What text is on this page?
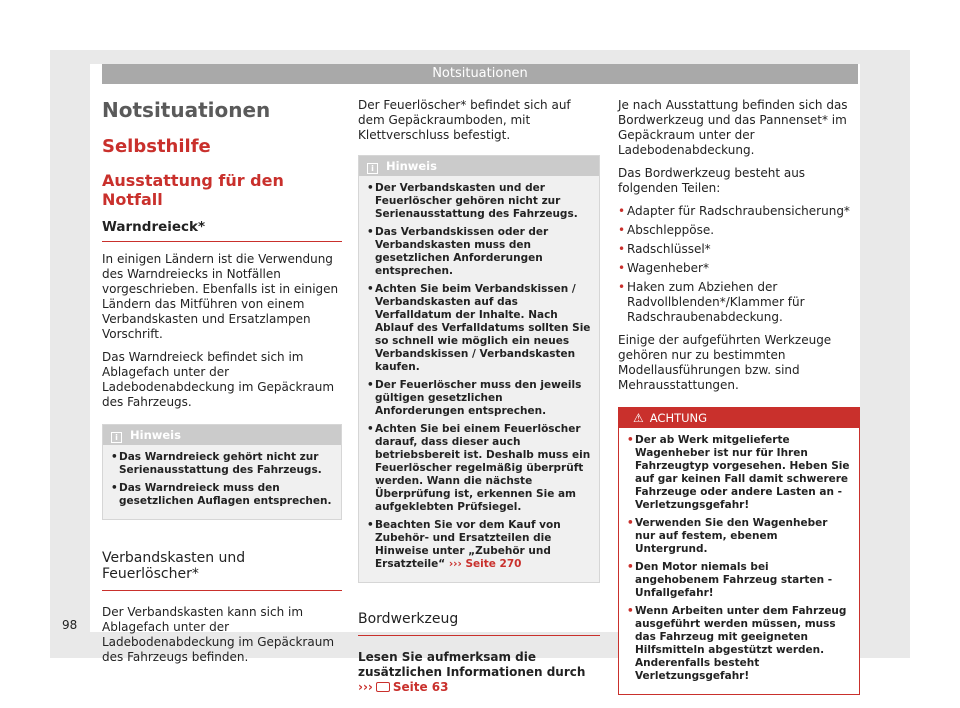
Notsituationen
Notsituationen
Selbsthilfe
Ausstattung für den Notfall
Warndreieck*

In einigen Ländern ist die Verwendung des Warndreiecks in Notfällen vorgeschrieben. Ebenfalls ist in einigen Ländern das Mitführen von einem Verbandskasten und Ersatzlampen Vorschrift.

Das Warndreieck befindet sich im Ablagefach unter der Ladebodenabdeckung im Gepäckraum des Fahrzeugs.

i Hinweis
•Das Warndreieck gehört nicht zur Serienausstattung des Fahrzeugs.
•Das Warndreieck muss den gesetzlichen Auflagen entsprechen.
Verbandskasten und Feuerlöscher*

Der Verbandskasten kann sich im Ablagefach unter der Ladebodenabdeckung im Gepäckraum des Fahrzeugs befinden.

Der Feuerlöscher* befindet sich auf dem Gepäckraumboden, mit Klettverschluss befestigt.

i Hinweis
•Der Verbandskasten und der Feuerlöscher gehören nicht zur Serienausstattung des Fahrzeugs.
•Das Verbandskissen oder der Verbandskasten muss den gesetzlichen Anforderungen entsprechen.
•Achten Sie beim Verbandskissen / Verbandskasten auf das Verfalldatum der Inhalte. Nach Ablauf des Verfalldatums sollten Sie so schnell wie möglich ein neues Verbandskissen / Verbandskasten kaufen.
•Der Feuerlöscher muss den jeweils gültigen gesetzlichen Anforderungen entsprechen.
•Achten Sie bei einem Feuerlöscher darauf, dass dieser auch betriebsbereit ist. Deshalb muss ein Feuerlöscher regelmäßig überprüft werden. Wann die nächste Überprüfung ist, erkennen Sie am aufgeklebten Prüfsiegel.
•Beachten Sie vor dem Kauf von Zubehör- und Ersatzteilen die Hinweise unter „Zubehör und Ersatzteile“ ››› Seite 270
Bordwerkzeug

Lesen Sie aufmerksam die zusätzlichen Informationen durch ››› Seite 63

Je nach Ausstattung befinden sich das Bordwerkzeug und das Pannenset* im Gepäckraum unter der Ladebodenabdeckung.

Das Bordwerkzeug besteht aus folgenden Teilen:

• Adapter für Radschraubensicherung*
• Abschleppöse.
• Radschlüssel*
• Wagenheber*
• Haken zum Abziehen der Radvollblenden*/Klammer für Radschraubenabdeckung.

Einige der aufgeführten Werkzeuge gehören nur zu bestimmten Modellausführungen bzw. sind Mehrausstattungen.

⚠ ACHTUNG
•Der ab Werk mitgelieferte Wagenheber ist nur für Ihren Fahrzeugtyp vorgesehen. Heben Sie auf gar keinen Fall damit schwerere Fahrzeuge oder andere Lasten an - Verletzungsgefahr!
•Verwenden Sie den Wagenheber nur auf festem, ebenem Untergrund.
•Den Motor niemals bei angehobenem Fahrzeug starten - Unfallgefahr!
•Wenn Arbeiten unter dem Fahrzeug ausgeführt werden müssen, muss das Fahrzeug mit geeigneten Hilfsmitteln abgestützt werden. Anderenfalls besteht Verletzungsgefahr!
98
